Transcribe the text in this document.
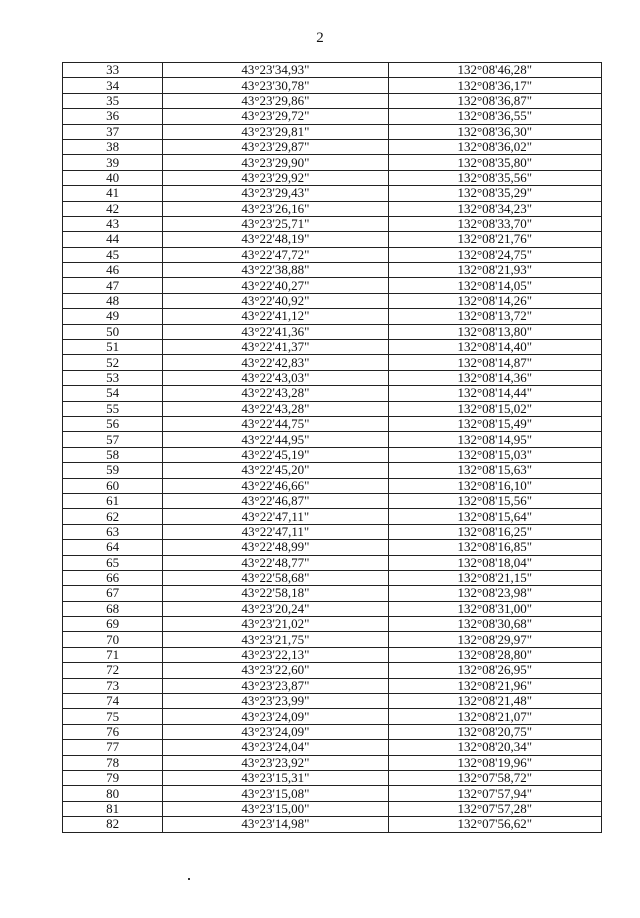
2
33	43°23'34,93"	132°08'46,28"
34	43°23'30,78"	132°08'36,17"
35	43°23'29,86"	132°08'36,87"
36	43°23'29,72"	132°08'36,55"
37	43°23'29,81"	132°08'36,30"
38	43°23'29,87"	132°08'36,02"
39	43°23'29,90"	132°08'35,80"
40	43°23'29,92"	132°08'35,56"
41	43°23'29,43"	132°08'35,29"
42	43°23'26,16"	132°08'34,23"
43	43°23'25,71"	132°08'33,70"
44	43°22'48,19"	132°08'21,76"
45	43°22'47,72"	132°08'24,75"
46	43°22'38,88"	132°08'21,93"
47	43°22'40,27"	132°08'14,05"
48	43°22'40,92"	132°08'14,26"
49	43°22'41,12"	132°08'13,72"
50	43°22'41,36"	132°08'13,80"
51	43°22'41,37"	132°08'14,40"
52	43°22'42,83"	132°08'14,87"
53	43°22'43,03"	132°08'14,36"
54	43°22'43,28"	132°08'14,44"
55	43°22'43,28"	132°08'15,02"
56	43°22'44,75"	132°08'15,49"
57	43°22'44,95"	132°08'14,95"
58	43°22'45,19"	132°08'15,03"
59	43°22'45,20"	132°08'15,63"
60	43°22'46,66"	132°08'16,10"
61	43°22'46,87"	132°08'15,56"
62	43°22'47,11"	132°08'15,64"
63	43°22'47,11"	132°08'16,25"
64	43°22'48,99"	132°08'16,85"
65	43°22'48,77"	132°08'18,04"
66	43°22'58,68"	132°08'21,15"
67	43°22'58,18"	132°08'23,98"
68	43°23'20,24"	132°08'31,00"
69	43°23'21,02"	132°08'30,68"
70	43°23'21,75"	132°08'29,97"
71	43°23'22,13"	132°08'28,80"
72	43°23'22,60"	132°08'26,95"
73	43°23'23,87"	132°08'21,96"
74	43°23'23,99"	132°08'21,48"
75	43°23'24,09"	132°08'21,07"
76	43°23'24,09"	132°08'20,75"
77	43°23'24,04"	132°08'20,34"
78	43°23'23,92"	132°08'19,96"
79	43°23'15,31"	132°07'58,72"
80	43°23'15,08"	132°07'57,94"
81	43°23'15,00"	132°07'57,28"
82	43°23'14,98"	132°07'56,62"
